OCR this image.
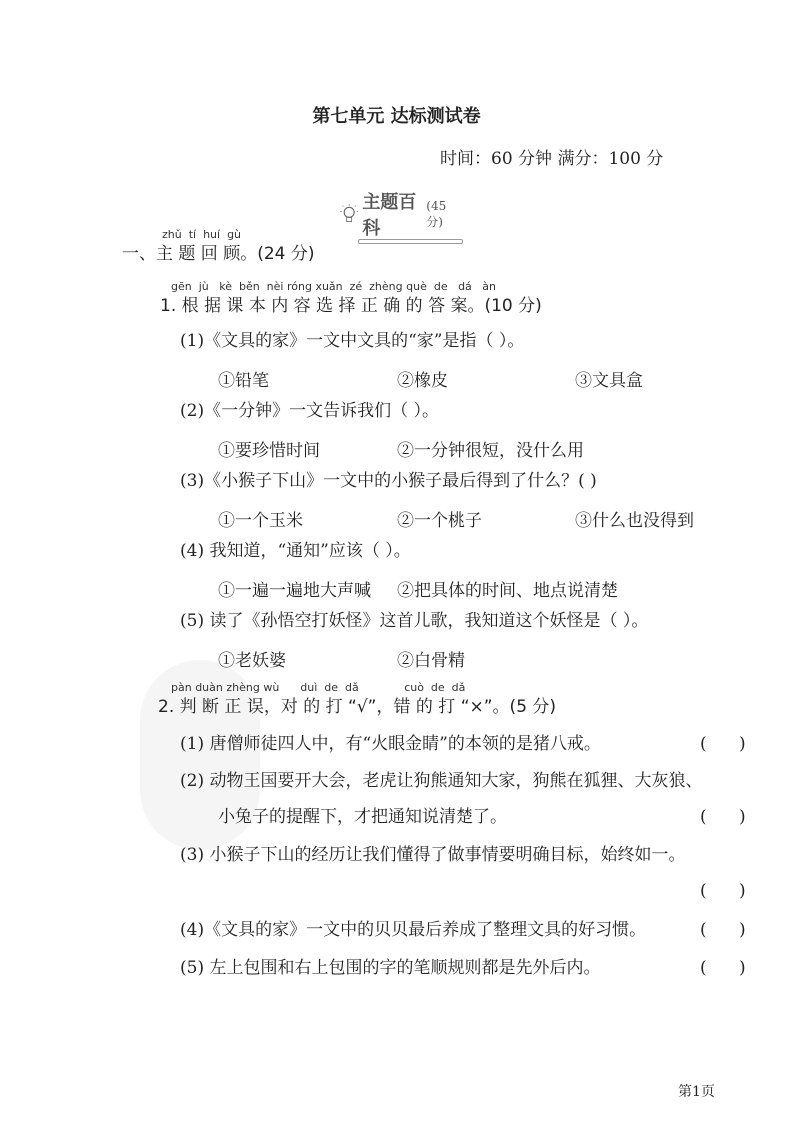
第七单元 达标测试卷
时间：60 分钟 满分：100 分
主题百科
(45 分)
zhǔ  tí  huí  gù
一、主 题 回 顾。(24 分)
gēn  jù   kè  běn  nèi róng xuǎn  zé  zhèng què  de   dá   àn
1. 根 据 课 本 内 容 选 择 正 确 的 答 案。(10 分)
(1)《文具的家》一文中文具的“家”是指（ ）。
①铅笔	②橡皮	③文具盒
(2)《一分钟》一文告诉我们（ ）。
①要珍惜时间	②一分钟很短，没什么用
(3)《小猴子下山》一文中的小猴子最后得到了什么？( )
①一个玉米	②一个桃子	③什么也没得到
(4) 我知道，“通知”应该（ ）。
①一遍一遍地大声喊 ②把具体的时间、地点说清楚
(5) 读了《孙悟空打妖怪》这首儿歌，我知道这个妖怪是（ ）。
①老妖婆	②白骨精
pàn duàn zhèng wù      duì  de  dǎ             cuò  de  dǎ
2. 判 断 正 误，对 的 打 “√”，错 的 打 “×”。(5 分)
(1) 唐僧师徒四人中，有“火眼金睛”的本领的是猪八戒。	(      )
(2) 动物王国要开大会，老虎让狗熊通知大家，狗熊在狐狸、大灰狼、
小兔子的提醒下，才把通知说清楚了。	(      )
(3) 小猴子下山的经历让我们懂得了做事情要明确目标，始终如一。
(      )
(4)《文具的家》一文中的贝贝最后养成了整理文具的好习惯。	(      )
(5) 左上包围和右上包围的字的笔顺规则都是先外后内。	(      )
第1页
